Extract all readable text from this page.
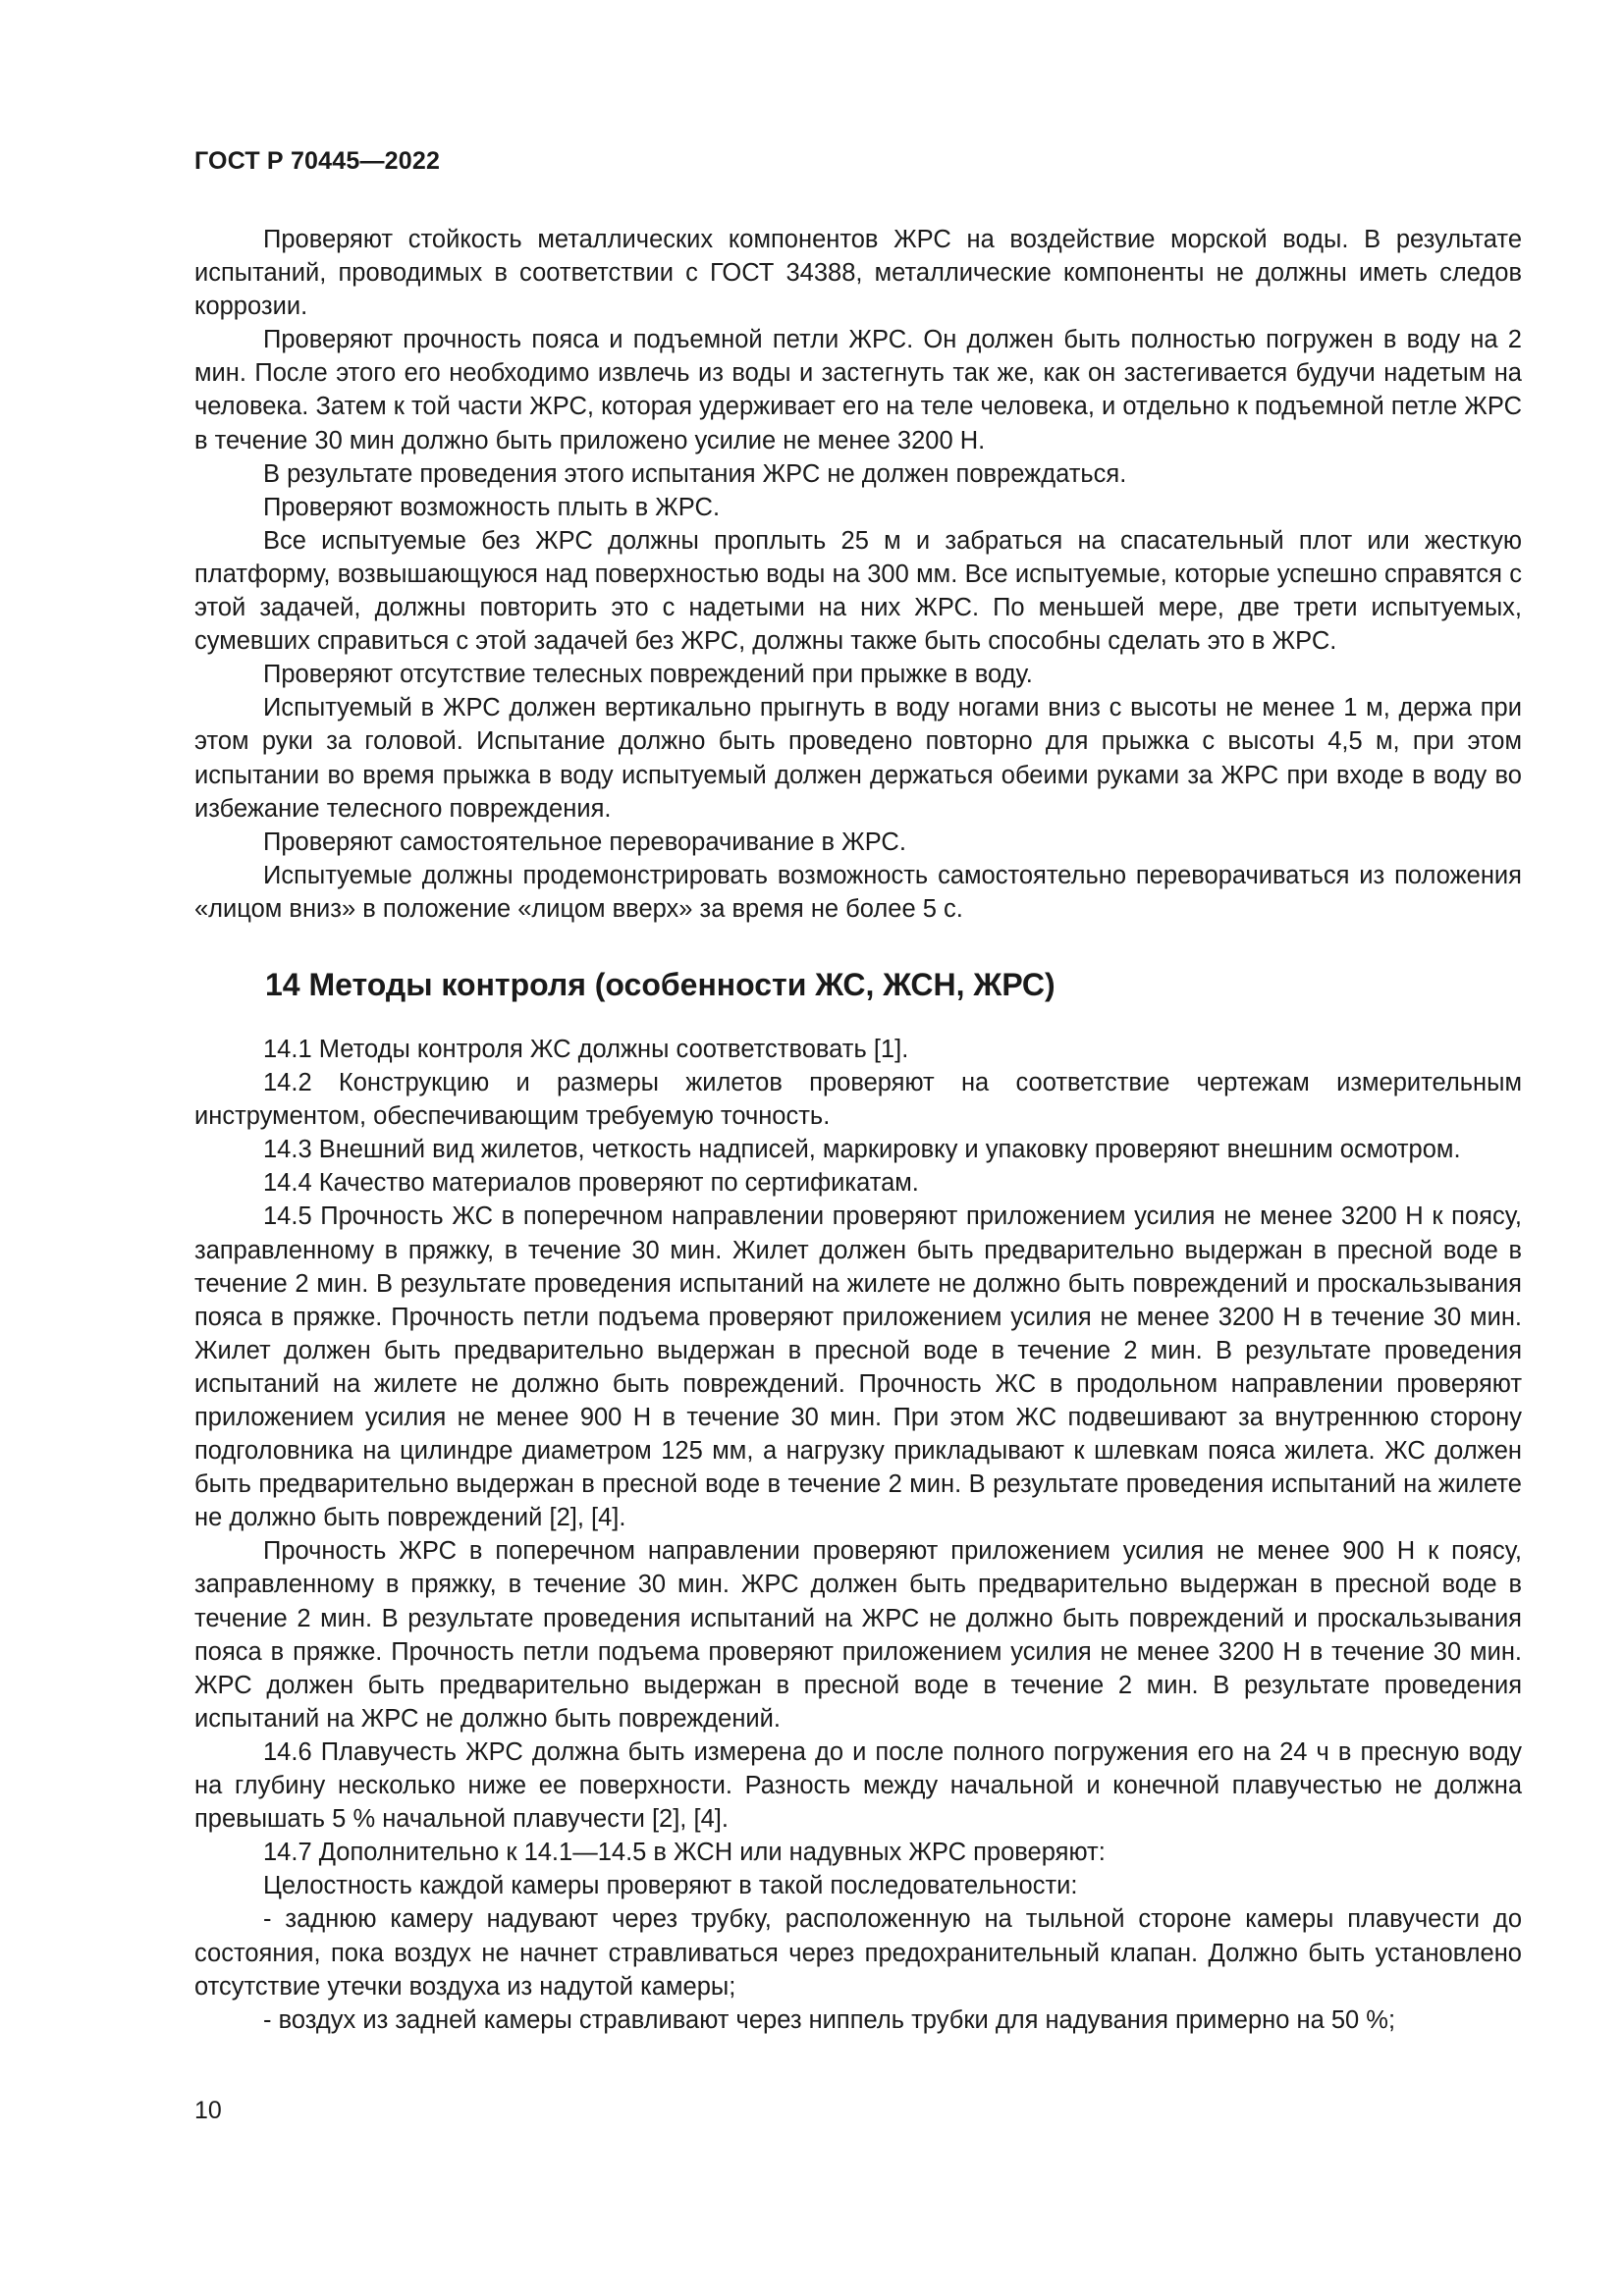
ГОСТ Р 70445—2022

Проверяют стойкость металлических компонентов ЖРС на воздействие морской воды. В результате испытаний, проводимых в соответствии с ГОСТ 34388, металлические компоненты не должны иметь следов коррозии.

Проверяют прочность пояса и подъемной петли ЖРС. Он должен быть полностью погружен в воду на 2 мин. После этого его необходимо извлечь из воды и застегнуть так же, как он застегивается будучи надетым на человека. Затем к той части ЖРС, которая удерживает его на теле человека, и отдельно к подъемной петле ЖРС в течение 30 мин должно быть приложено усилие не менее 3200 Н.

В результате проведения этого испытания ЖРС не должен повреждаться.

Проверяют возможность плыть в ЖРС.

Все испытуемые без ЖРС должны проплыть 25 м и забраться на спасательный плот или жесткую платформу, возвышающуюся над поверхностью воды на 300 мм. Все испытуемые, которые успешно справятся с этой задачей, должны повторить это с надетыми на них ЖРС. По меньшей мере, две трети испытуемых, сумевших справиться с этой задачей без ЖРС, должны также быть способны сделать это в ЖРС.

Проверяют отсутствие телесных повреждений при прыжке в воду.

Испытуемый в ЖРС должен вертикально прыгнуть в воду ногами вниз с высоты не менее 1 м, держа при этом руки за головой. Испытание должно быть проведено повторно для прыжка с высоты 4,5 м, при этом испытании во время прыжка в воду испытуемый должен держаться обеими руками за ЖРС при входе в воду во избежание телесного повреждения.

Проверяют самостоятельное переворачивание в ЖРС.

Испытуемые должны продемонстрировать возможность самостоятельно переворачиваться из положения «лицом вниз» в положение «лицом вверх» за время не более 5 с.

14 Методы контроля (особенности ЖС, ЖСН, ЖРС)

14.1 Методы контроля ЖС должны соответствовать [1].

14.2 Конструкцию и размеры жилетов проверяют на соответствие чертежам измерительным инструментом, обеспечивающим требуемую точность.

14.3 Внешний вид жилетов, четкость надписей, маркировку и упаковку проверяют внешним осмотром.

14.4 Качество материалов проверяют по сертификатам.

14.5 Прочность ЖС в поперечном направлении проверяют приложением усилия не менее 3200 Н к поясу, заправленному в пряжку, в течение 30 мин. Жилет должен быть предварительно выдержан в пресной воде в течение 2 мин. В результате проведения испытаний на жилете не должно быть повреждений и проскальзывания пояса в пряжке. Прочность петли подъема проверяют приложением усилия не менее 3200 Н в течение 30 мин. Жилет должен быть предварительно выдержан в пресной воде в течение 2 мин. В результате проведения испытаний на жилете не должно быть повреждений. Прочность ЖС в продольном направлении проверяют приложением усилия не менее 900 Н в течение 30 мин. При этом ЖС подвешивают за внутреннюю сторону подголовника на цилиндре диаметром 125 мм, а нагрузку прикладывают к шлевкам пояса жилета. ЖС должен быть предварительно выдержан в пресной воде в течение 2 мин. В результате проведения испытаний на жилете не должно быть повреждений [2], [4].

Прочность ЖРС в поперечном направлении проверяют приложением усилия не менее 900 Н к поясу, заправленному в пряжку, в течение 30 мин. ЖРС должен быть предварительно выдержан в пресной воде в течение 2 мин. В результате проведения испытаний на ЖРС не должно быть повреждений и проскальзывания пояса в пряжке. Прочность петли подъема проверяют приложением усилия не менее 3200 Н в течение 30 мин. ЖРС должен быть предварительно выдержан в пресной воде в течение 2 мин. В результате проведения испытаний на ЖРС не должно быть повреждений.

14.6 Плавучесть ЖРС должна быть измерена до и после полного погружения его на 24 ч в пресную воду на глубину несколько ниже ее поверхности. Разность между начальной и конечной плавучестью не должна превышать 5 % начальной плавучести [2], [4].

14.7 Дополнительно к 14.1—14.5 в ЖСН или надувных ЖРС проверяют:

Целостность каждой камеры проверяют в такой последовательности:

- заднюю камеру надувают через трубку, расположенную на тыльной стороне камеры плавучести до состояния, пока воздух не начнет стравливаться через предохранительный клапан. Должно быть установлено отсутствие утечки воздуха из надутой камеры;

- воздух из задней камеры стравливают через ниппель трубки для надувания примерно на 50 %;

10
